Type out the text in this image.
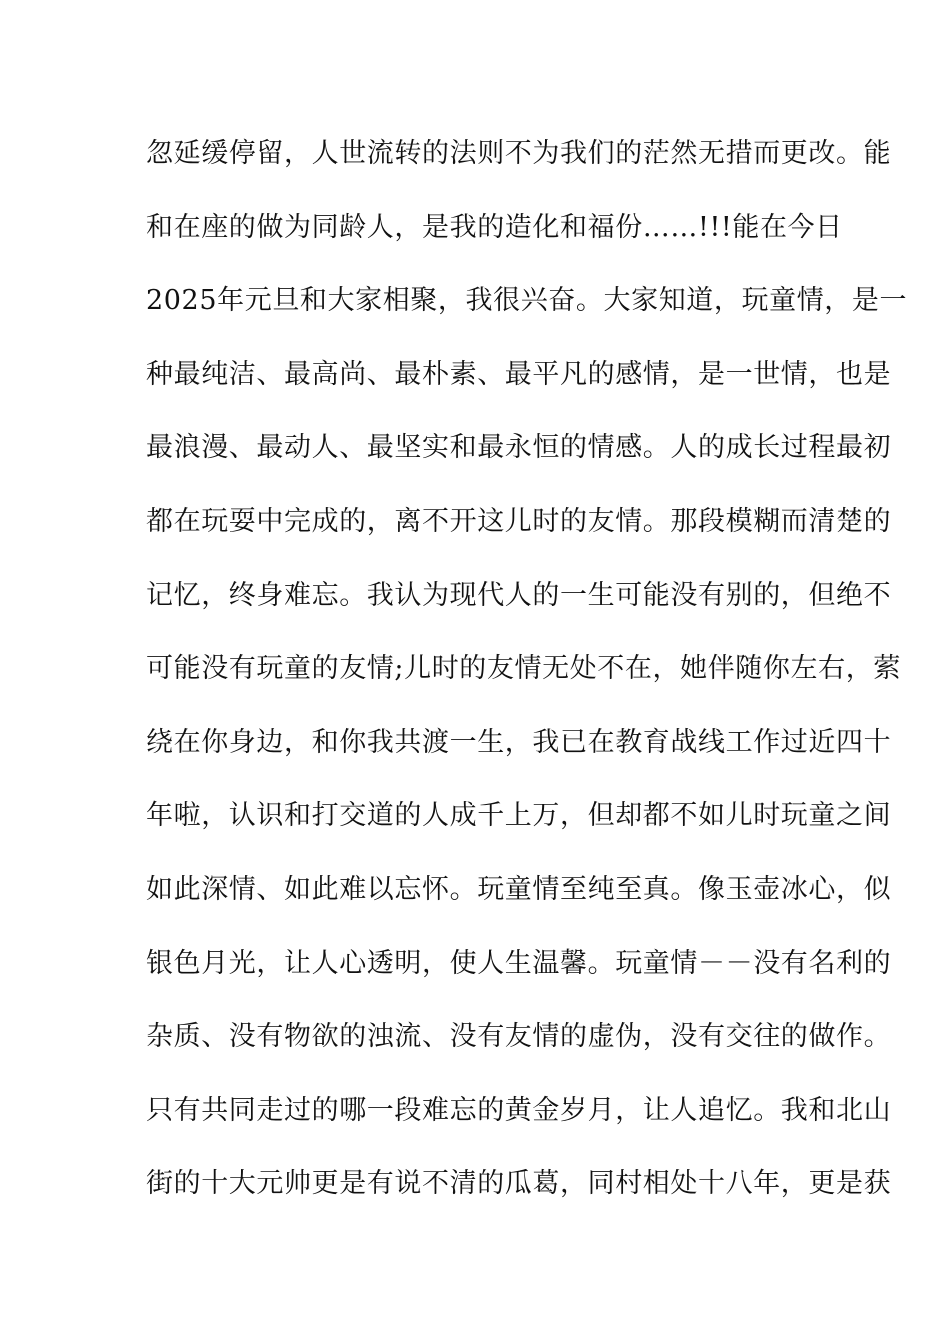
忽延缓停留，人世流转的法则不为我们的茫然无措而更改。能
和在座的做为同龄人，是我的造化和福份……!!!能在今日
2025年元旦和大家相聚，我很兴奋。大家知道，玩童情，是一
种最纯洁、最高尚、最朴素、最平凡的感情，是一世情，也是
最浪漫、最动人、最坚实和最永恒的情感。人的成长过程最初
都在玩耍中完成的，离不开这儿时的友情。那段模糊而清楚的
记忆，终身难忘。我认为现代人的一生可能没有别的，但绝不
可能没有玩童的友情;儿时的友情无处不在，她伴随你左右，萦
绕在你身边，和你我共渡一生，我已在教育战线工作过近四十
年啦，认识和打交道的人成千上万，但却都不如儿时玩童之间
如此深情、如此难以忘怀。玩童情至纯至真。像玉壶冰心，似
银色月光，让人心透明，使人生温馨。玩童情－－没有名利的
杂质、没有物欲的浊流、没有友情的虚伪，没有交往的做作。
只有共同走过的哪一段难忘的黄金岁月，让人追忆。我和北山
街的十大元帅更是有说不清的瓜葛，同村相处十八年，更是获
